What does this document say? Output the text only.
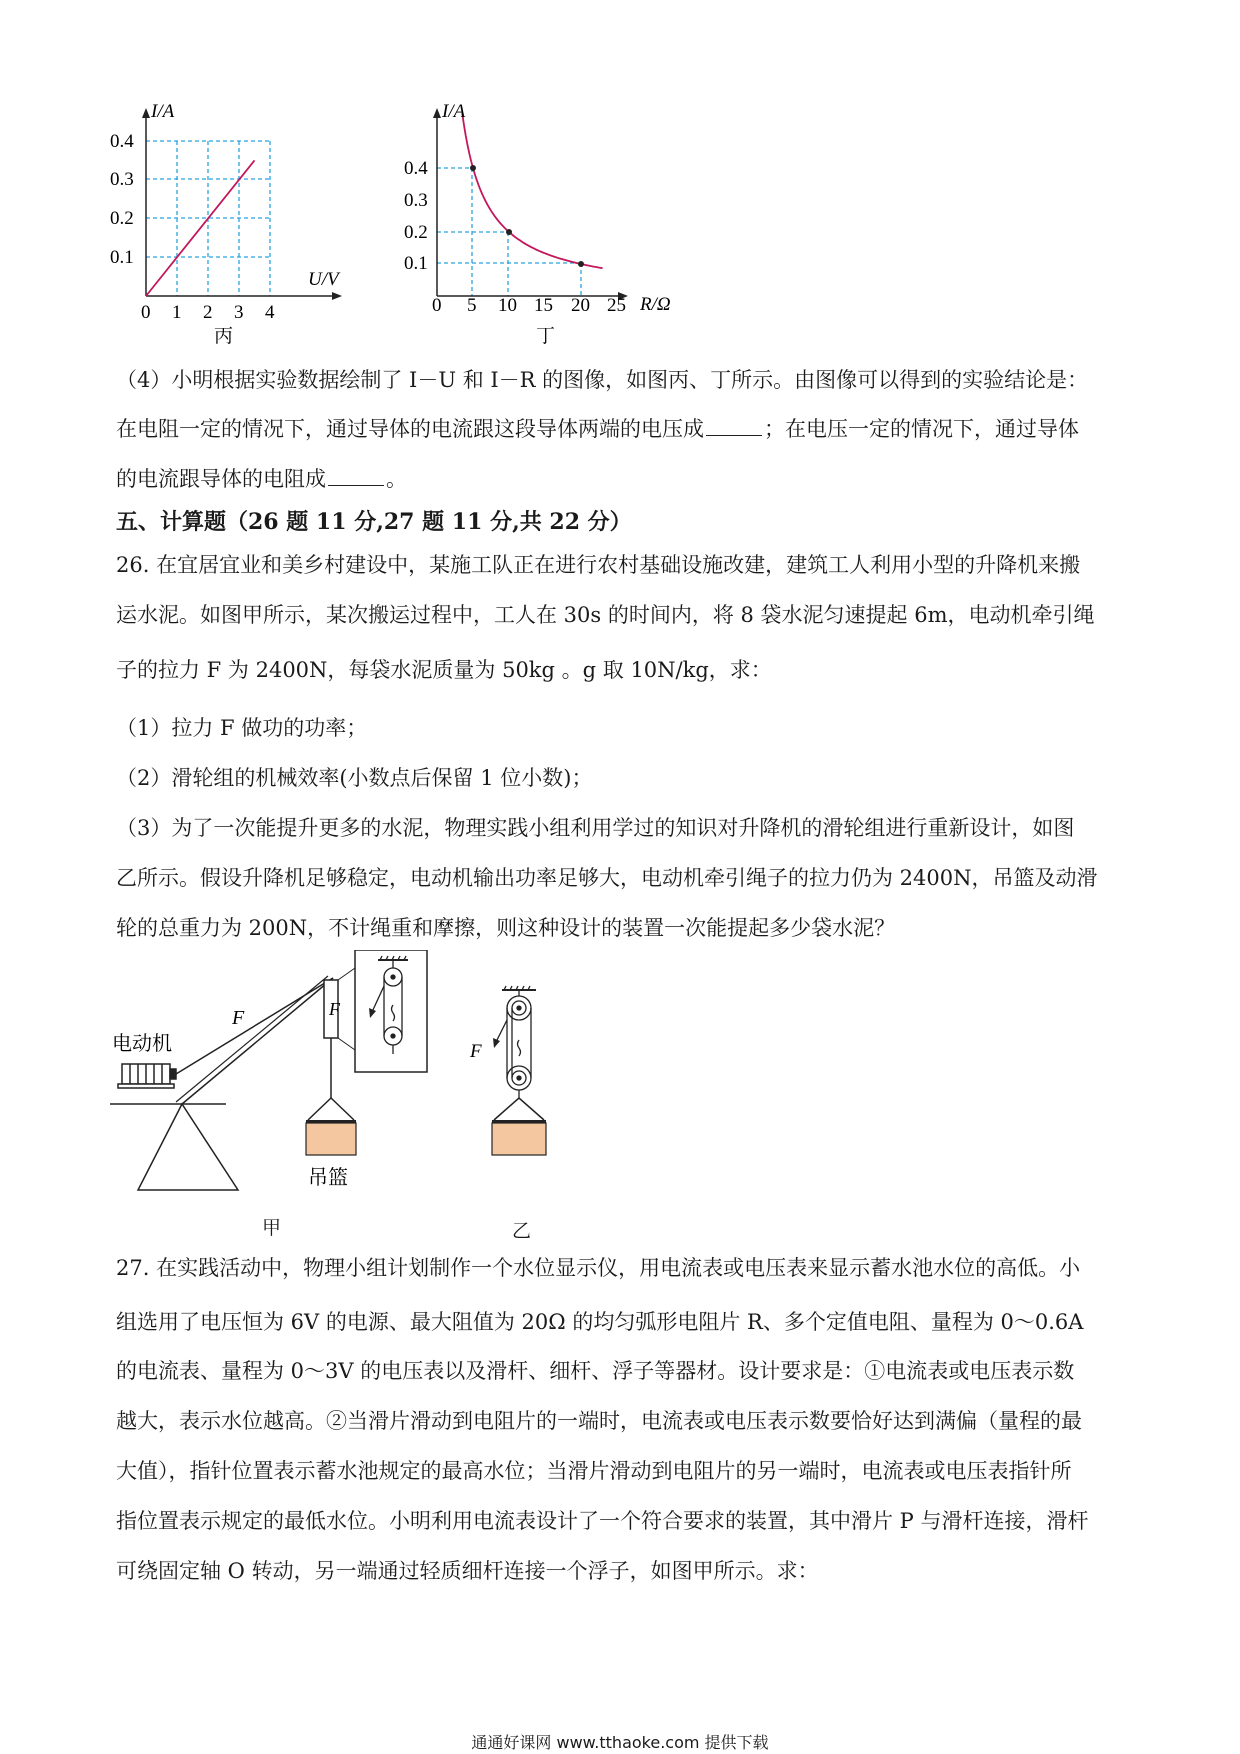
I/A
U/V
0.4
0.3
0.2
0.1
0 1 2 3 4
丙
I/A
R/Ω
0.4
0.3
0.2
0.1
0 5 10 15 20 25
丁
（4）小明根据实验数据绘制了 I－U 和 I－R 的图像，如图丙、丁所示。由图像可以得到的实验结论是：
在电阻一定的情况下，通过导体的电流跟这段导体两端的电压成	；在电压一定的情况下，通过导体
的电流跟导体的电阻成	。
五、计算题（26 题 11 分,27 题 11 分,共 22 分）
26. 在宜居宜业和美乡村建设中，某施工队正在进行农村基础设施改建，建筑工人利用小型的升降机来搬
运水泥。如图甲所示，某次搬运过程中，工人在 30s 的时间内，将 8 袋水泥匀速提起 6m，电动机牵引绳
子的拉力 F 为 2400N，每袋水泥质量为 50kg 。g 取 10N/kg，求：
（1）拉力 F 做功的功率；
（2）滑轮组的机械效率(小数点后保留 1 位小数)；
（3）为了一次能提升更多的水泥，物理实践小组利用学过的知识对升降机的滑轮组进行重新设计，如图
乙所示。假设升降机足够稳定，电动机输出功率足够大，电动机牵引绳子的拉力仍为 2400N，吊篮及动滑
轮的总重力为 200N，不计绳重和摩擦，则这种设计的装置一次能提起多少袋水泥？
电动机
F
吊篮
F
甲
F
乙
27. 在实践活动中，物理小组计划制作一个水位显示仪，用电流表或电压表来显示蓄水池水位的高低。小
组选用了电压恒为 6V 的电源、最大阻值为 20Ω 的均匀弧形电阻片 R、多个定值电阻、量程为 0～0.6A
的电流表、量程为 0～3V 的电压表以及滑杆、细杆、浮子等器材。设计要求是：①电流表或电压表示数
越大，表示水位越高。②当滑片滑动到电阻片的一端时，电流表或电压表示数要恰好达到满偏（量程的最
大值），指针位置表示蓄水池规定的最高水位；当滑片滑动到电阻片的另一端时，电流表或电压表指针所
指位置表示规定的最低水位。小明利用电流表设计了一个符合要求的装置，其中滑片 P 与滑杆连接，滑杆
可绕固定轴 O 转动，另一端通过轻质细杆连接一个浮子，如图甲所示。求：
通通好课网 www.tthaoke.com 提供下载
